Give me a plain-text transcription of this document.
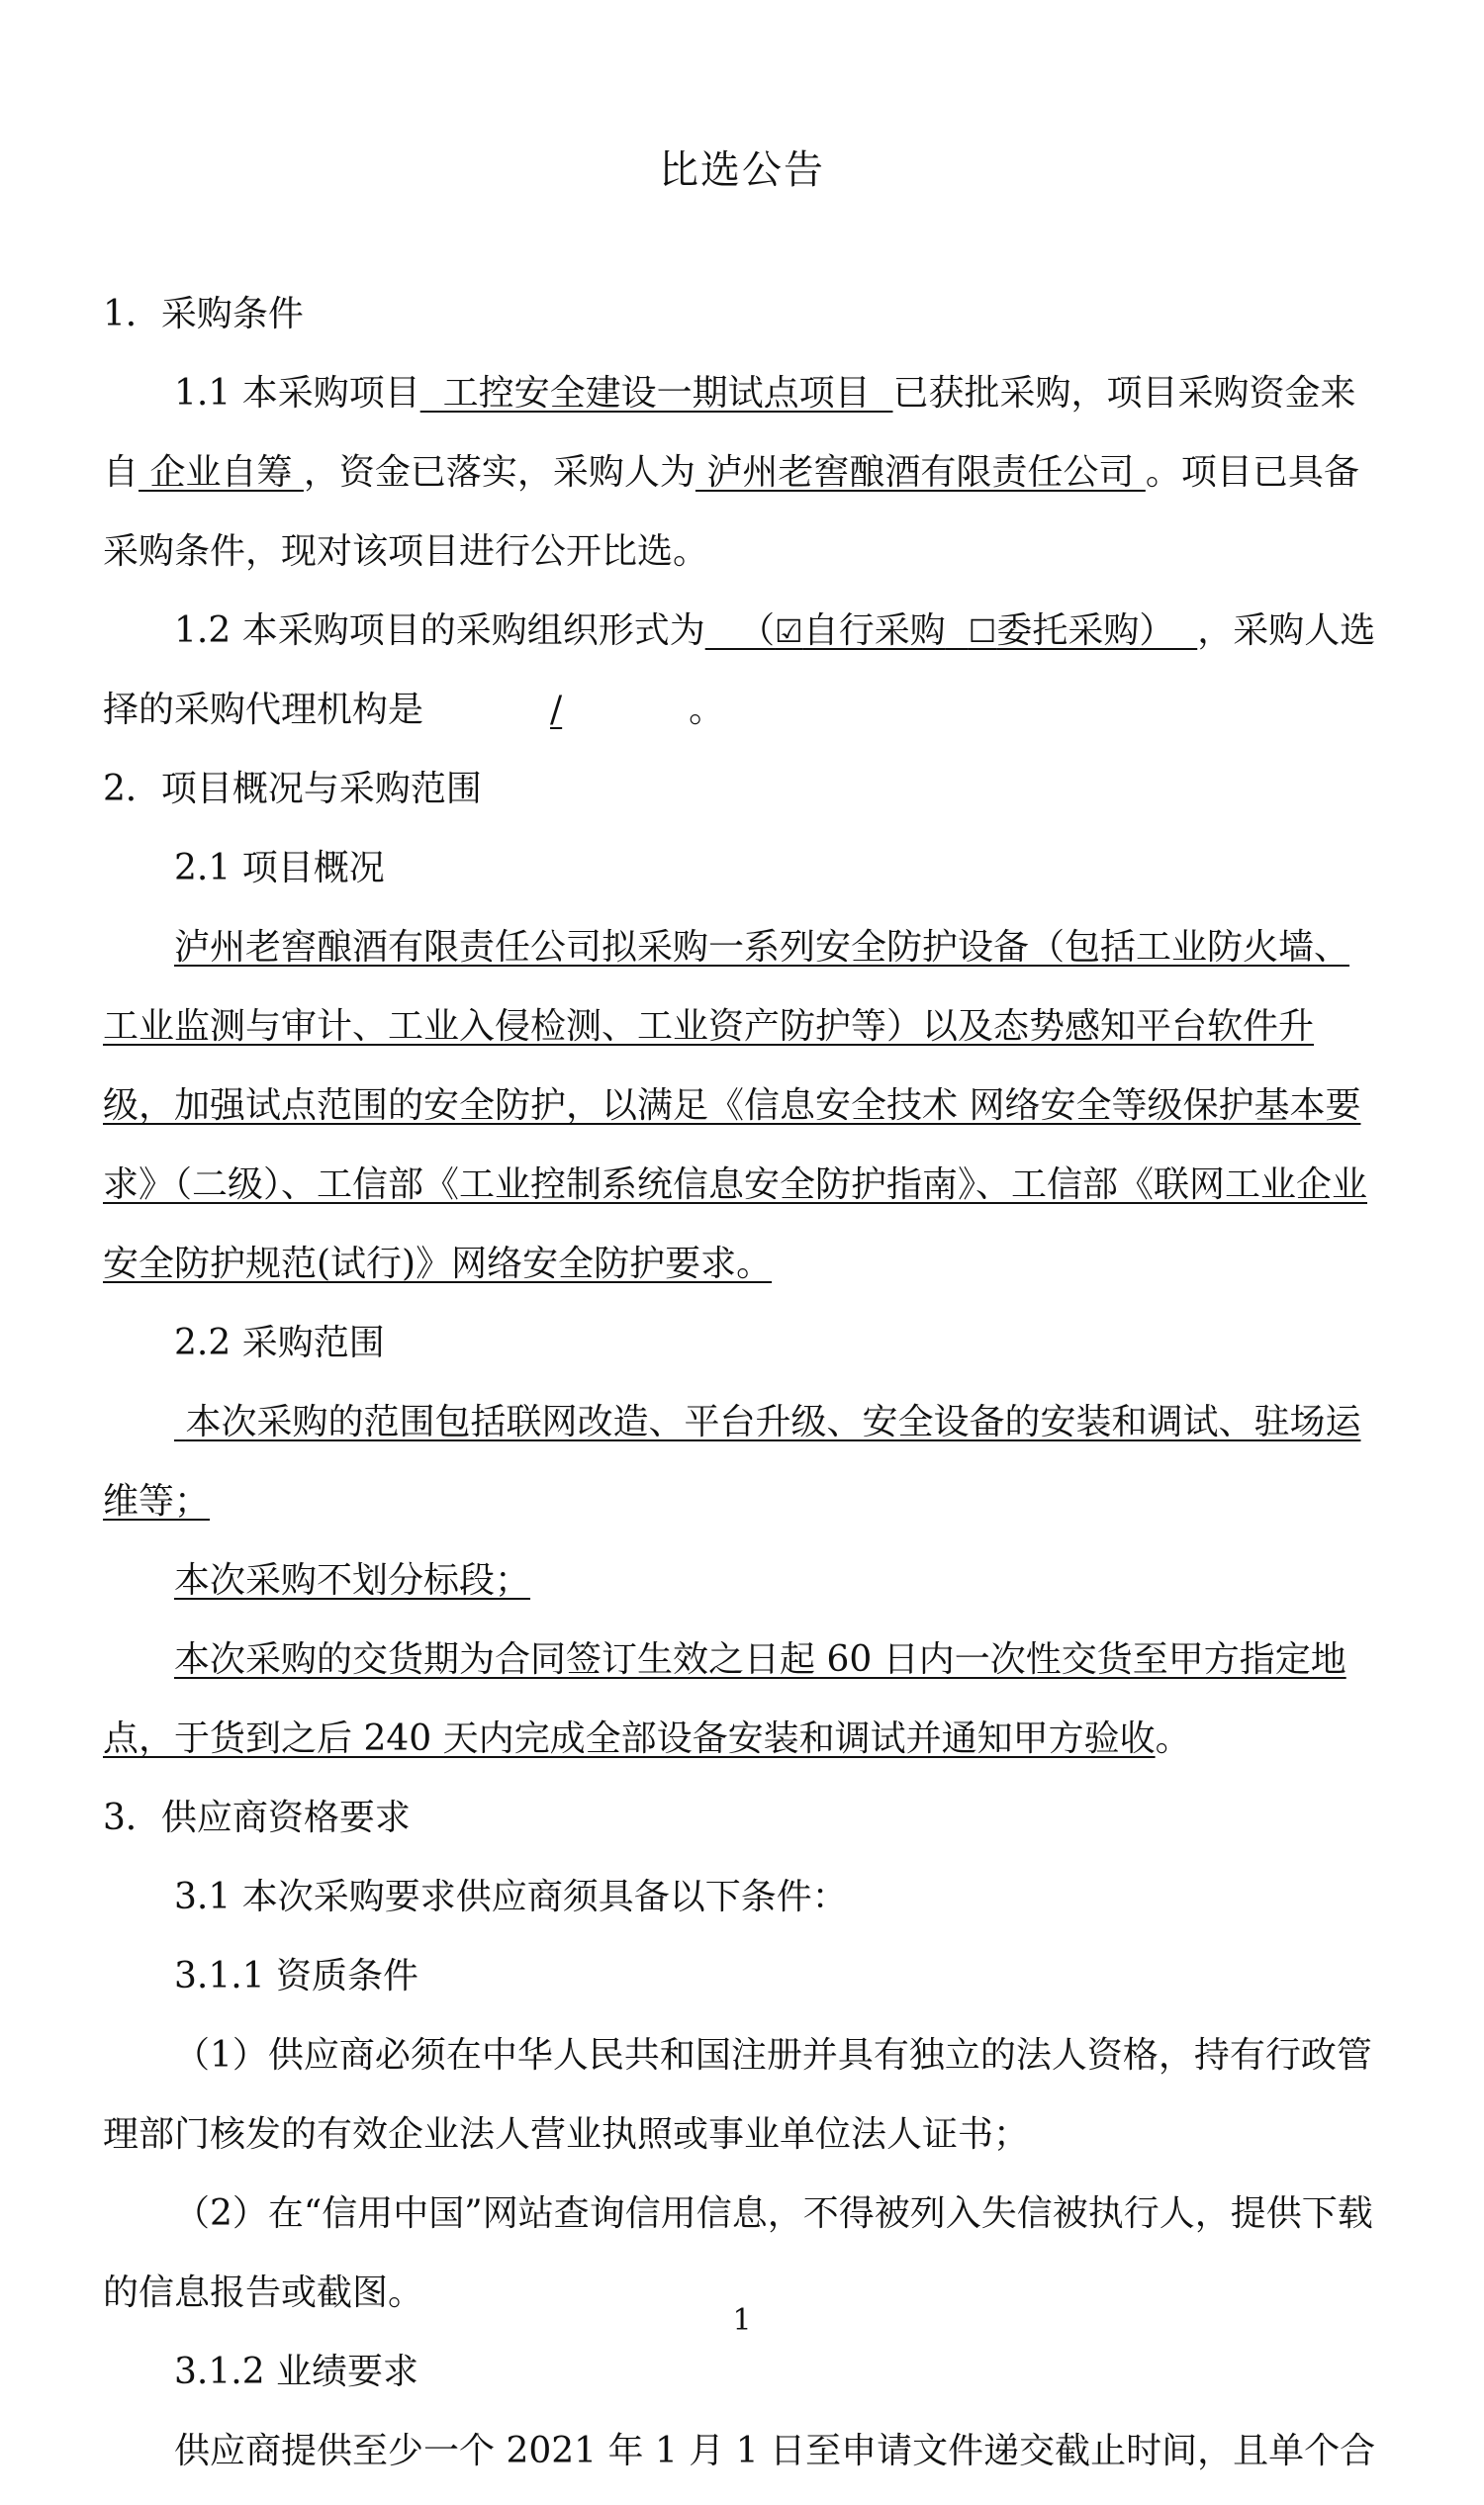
比选公告

1．采购条件

1.1 本采购项目  工控安全建设一期试点项目  已获批采购，项目采购资金来自 企业自筹 ，资金已落实，采购人为 泸州老窖酿酒有限责任公司 。项目已具备采购条件，现对该项目进行公开比选。

1.2 本采购项目的采购组织形式为   （☑自行采购 ☐委托采购）  ，采购人选择的采购代理机构是	/	。

2．项目概况与采购范围

2.1 项目概况

泸州老窖酿酒有限责任公司拟采购一系列安全防护设备（包括工业防火墙、工业监测与审计、工业入侵检测、工业资产防护等）以及态势感知平台软件升级，加强试点范围的安全防护，以满足《信息安全技术 网络安全等级保护基本要求》（二级）、工信部《工业控制系统信息安全防护指南》、工信部《联网工业企业安全防护规范(试行)》网络安全防护要求。

2.2 采购范围

本次采购的范围包括联网改造、平台升级、安全设备的安装和调试、驻场运维等；

本次采购不划分标段；

本次采购的交货期为合同签订生效之日起 60 日内一次性交货至甲方指定地点，于货到之后 240 天内完成全部设备安装和调试并通知甲方验收。

3．供应商资格要求

3.1 本次采购要求供应商须具备以下条件：

3.1.1 资质条件

（1）供应商必须在中华人民共和国注册并具有独立的法人资格，持有行政管理部门核发的有效企业法人营业执照或事业单位法人证书；

（2）在“信用中国”网站查询信用信息，不得被列入失信被执行人，提供下载的信息报告或截图。

3.1.2 业绩要求

供应商提供至少一个 2021 年 1 月 1 日至申请文件递交截止时间，且单个合

1
